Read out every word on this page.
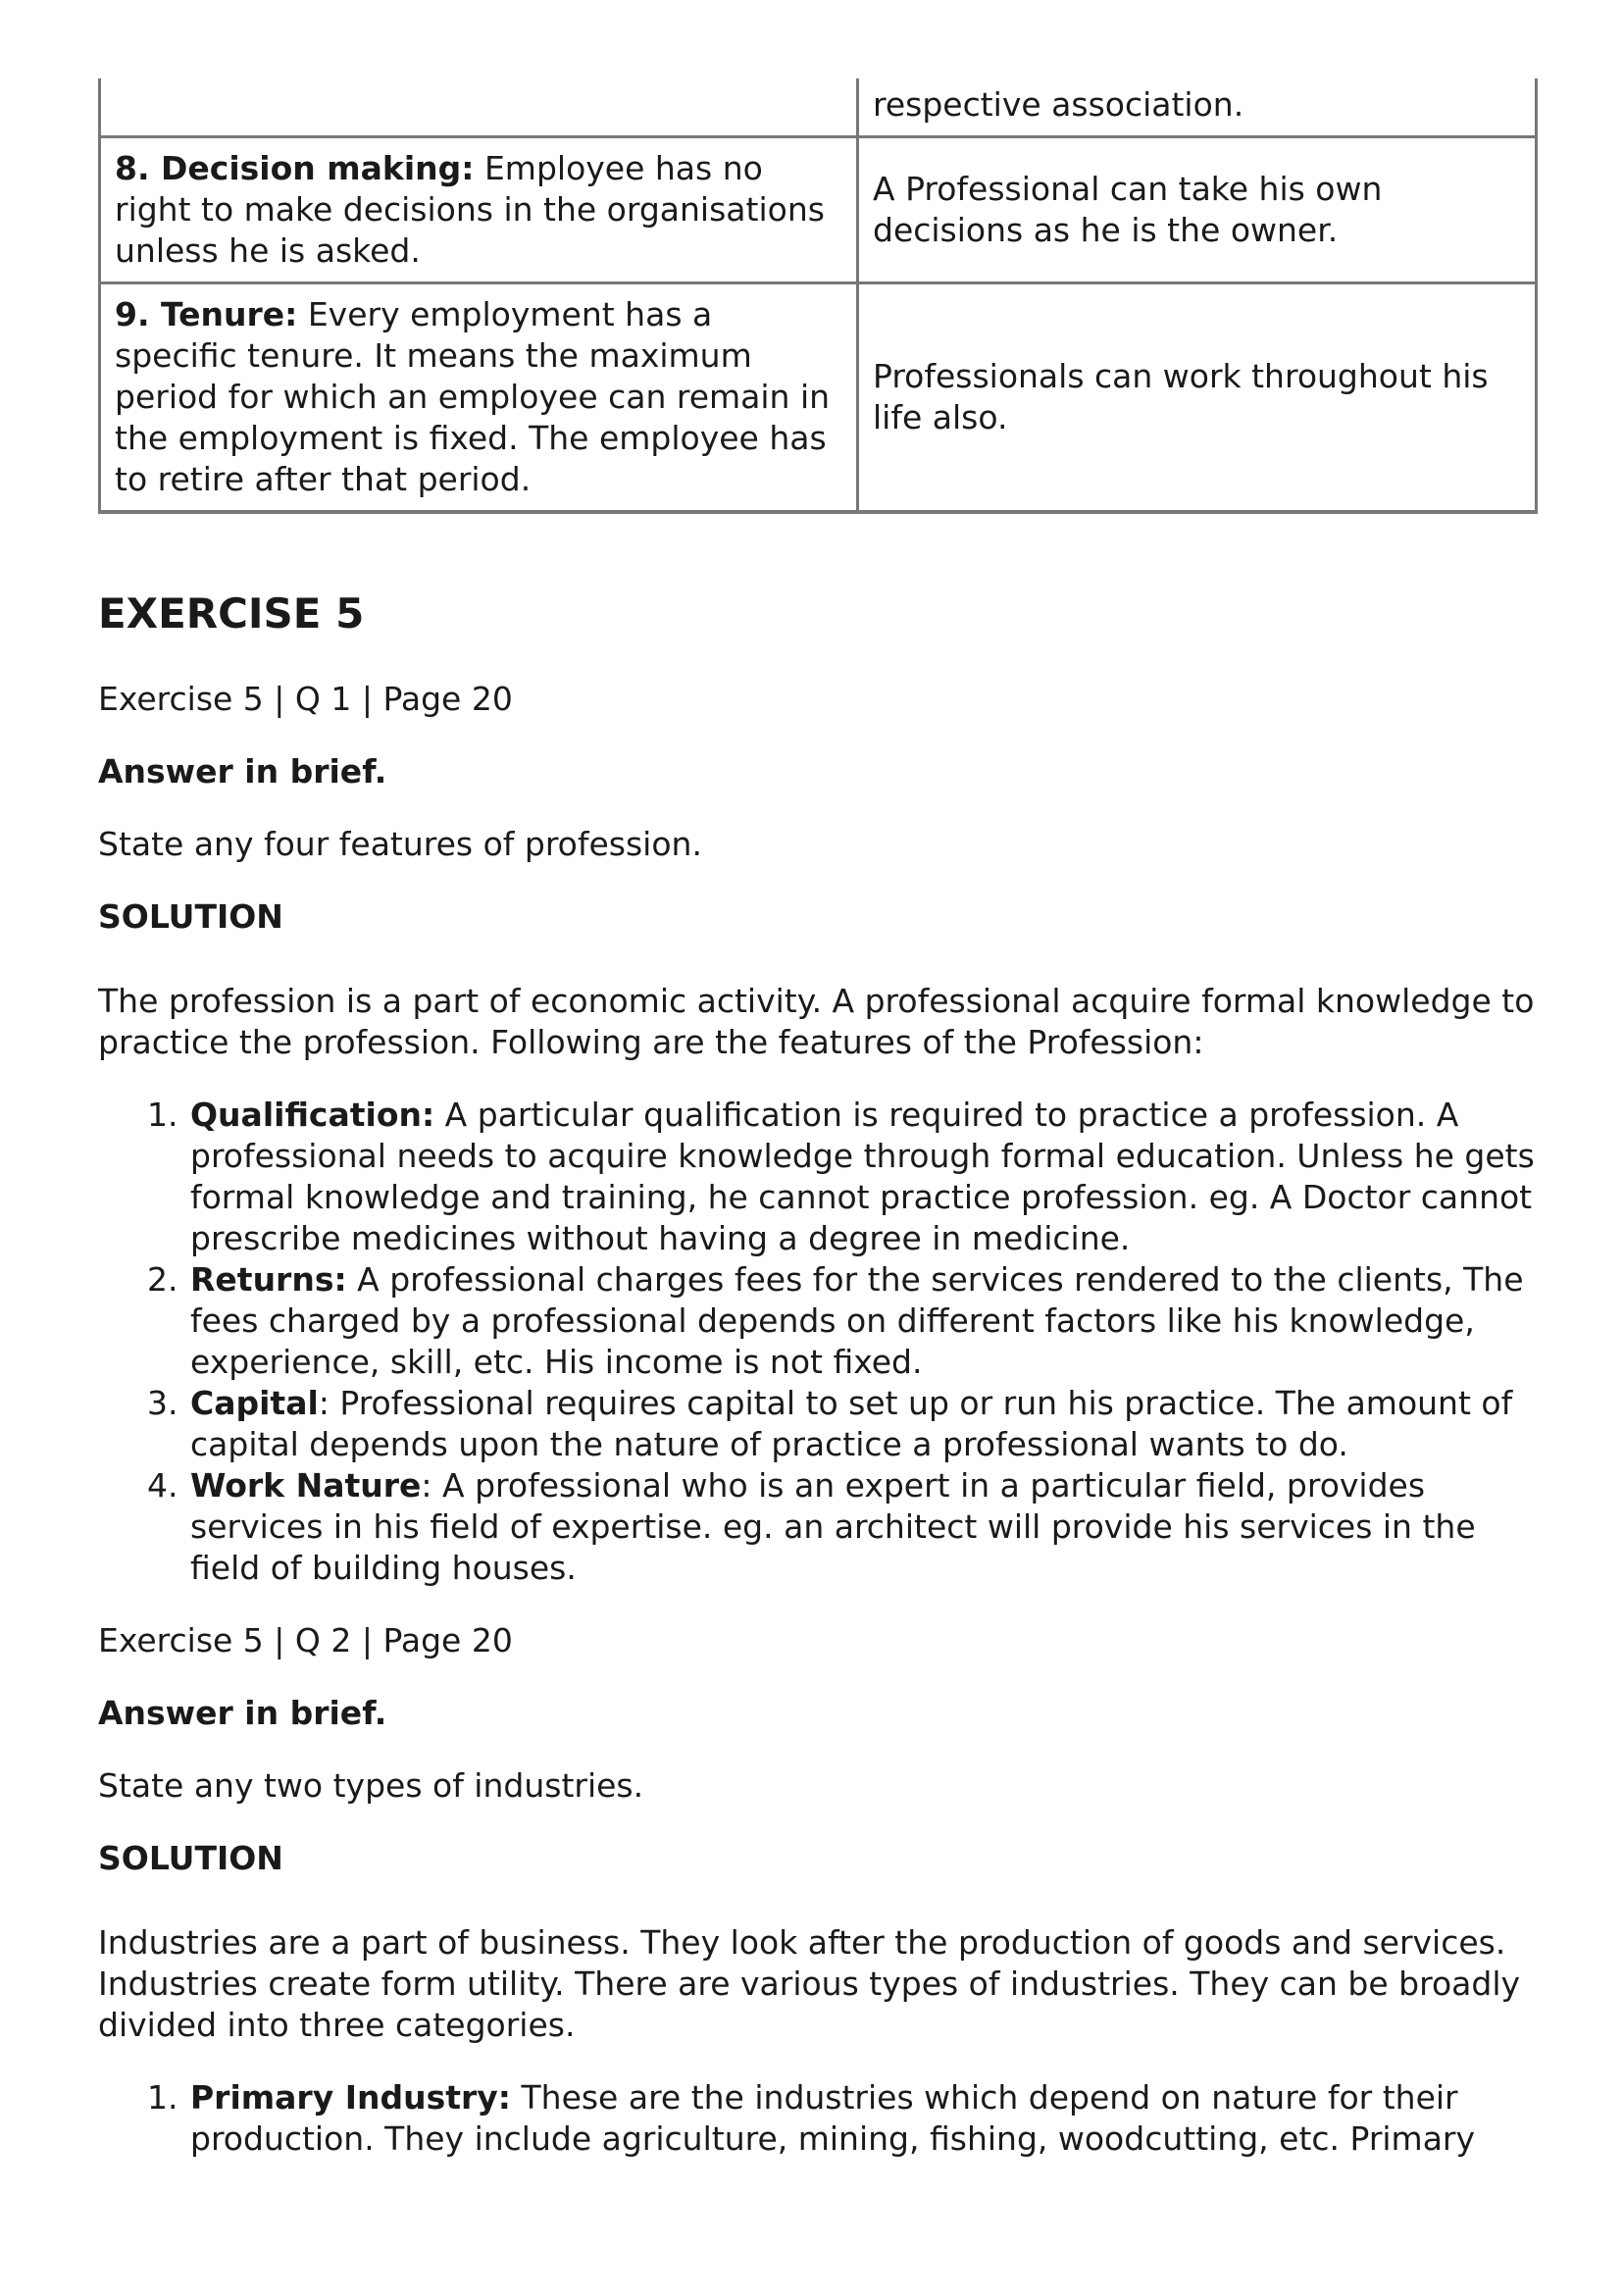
	respective association.
8. Decision making: Employee has no right to make decisions in the organisations unless he is asked.	A Professional can take his own decisions as he is the owner.
9. Tenure: Every employment has a specific tenure. It means the maximum period for which an employee can remain in the employment is fixed. The employee has to retire after that period.	Professionals can work throughout his life also.
EXERCISE 5

Exercise 5 | Q 1 | Page 20

Answer in brief.

State any four features of profession.

SOLUTION

The profession is a part of economic activity. A professional acquire formal knowledge to practice the profession. Following are the features of the Profession:

1. Qualification: A particular qualification is required to practice a profession. A professional needs to acquire knowledge through formal education. Unless he gets formal knowledge and training, he cannot practice profession. eg. A Doctor cannot prescribe medicines without having a degree in medicine.
2. Returns: A professional charges fees for the services rendered to the clients, The fees charged by a professional depends on different factors like his knowledge, experience, skill, etc. His income is not fixed.
3. Capital: Professional requires capital to set up or run his practice. The amount of capital depends upon the nature of practice a professional wants to do.
4. Work Nature: A professional who is an expert in a particular field, provides services in his field of expertise. eg. an architect will provide his services in the field of building houses.

Exercise 5 | Q 2 | Page 20

Answer in brief.

State any two types of industries.

SOLUTION

Industries are a part of business. They look after the production of goods and services. Industries create form utility. There are various types of industries. They can be broadly divided into three categories.

1. Primary Industry: These are the industries which depend on nature for their production. They include agriculture, mining, fishing, woodcutting, etc. Primary
